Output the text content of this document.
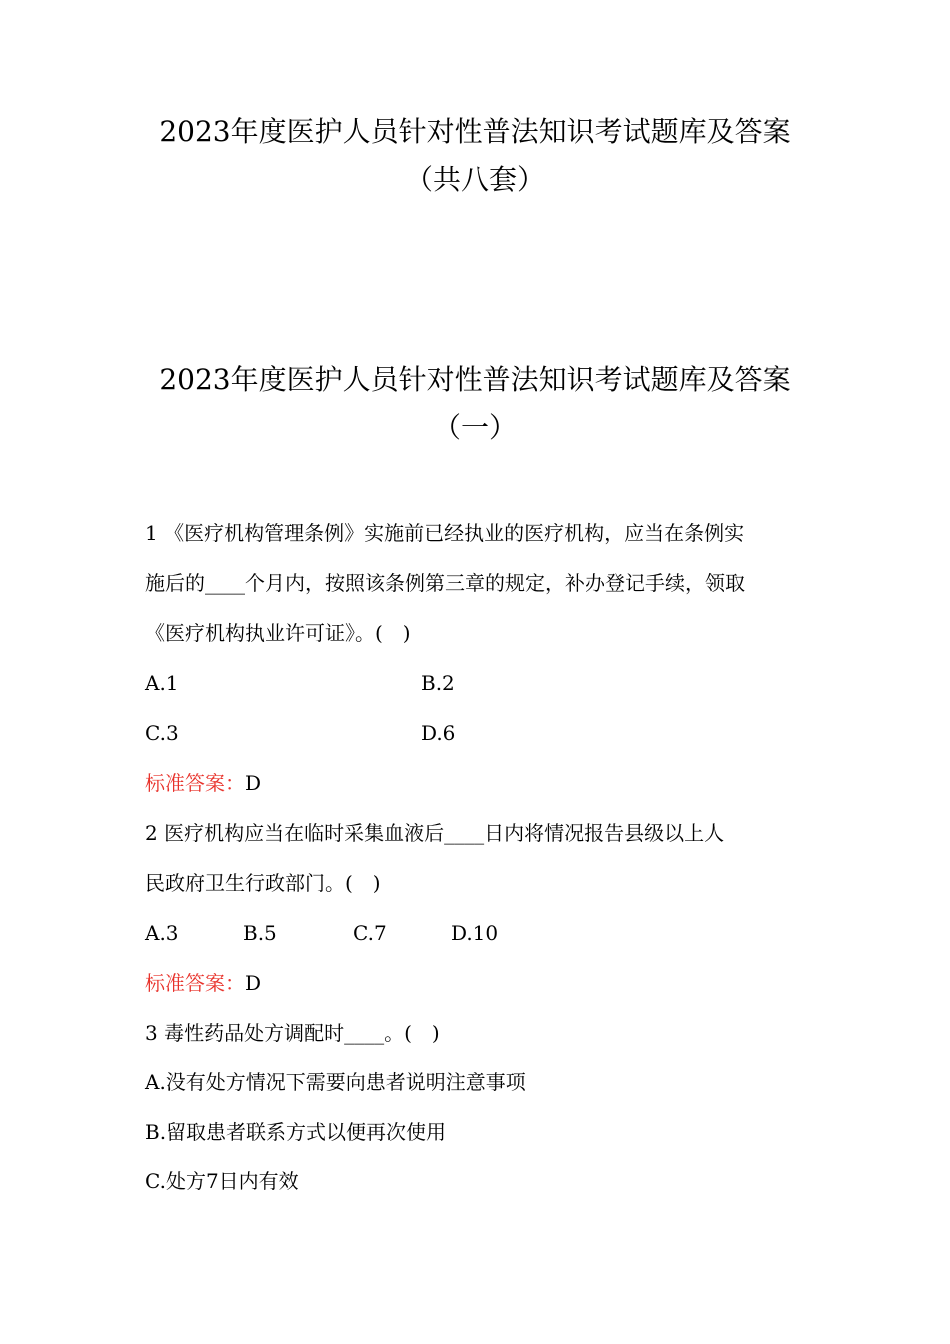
2023年度医护人员针对性普法知识考试题库及答案
（共八套）
2023年度医护人员针对性普法知识考试题库及答案
（一）
1 《医疗机构管理条例》实施前已经执业的医疗机构，应当在条例实
施后的____个月内，按照该条例第三章的规定，补办登记手续，领取
《医疗机构执业许可证》。(　)
A.1	B.2
C.3	D.6
标准答案：D
2 医疗机构应当在临时采集血液后____日内将情况报告县级以上人
民政府卫生行政部门。(　)
A.3	B.5	C.7	D.10
标准答案：D
3 毒性药品处方调配时____。(　)
A.没有处方情况下需要向患者说明注意事项
B.留取患者联系方式以便再次使用
C.处方7日内有效
